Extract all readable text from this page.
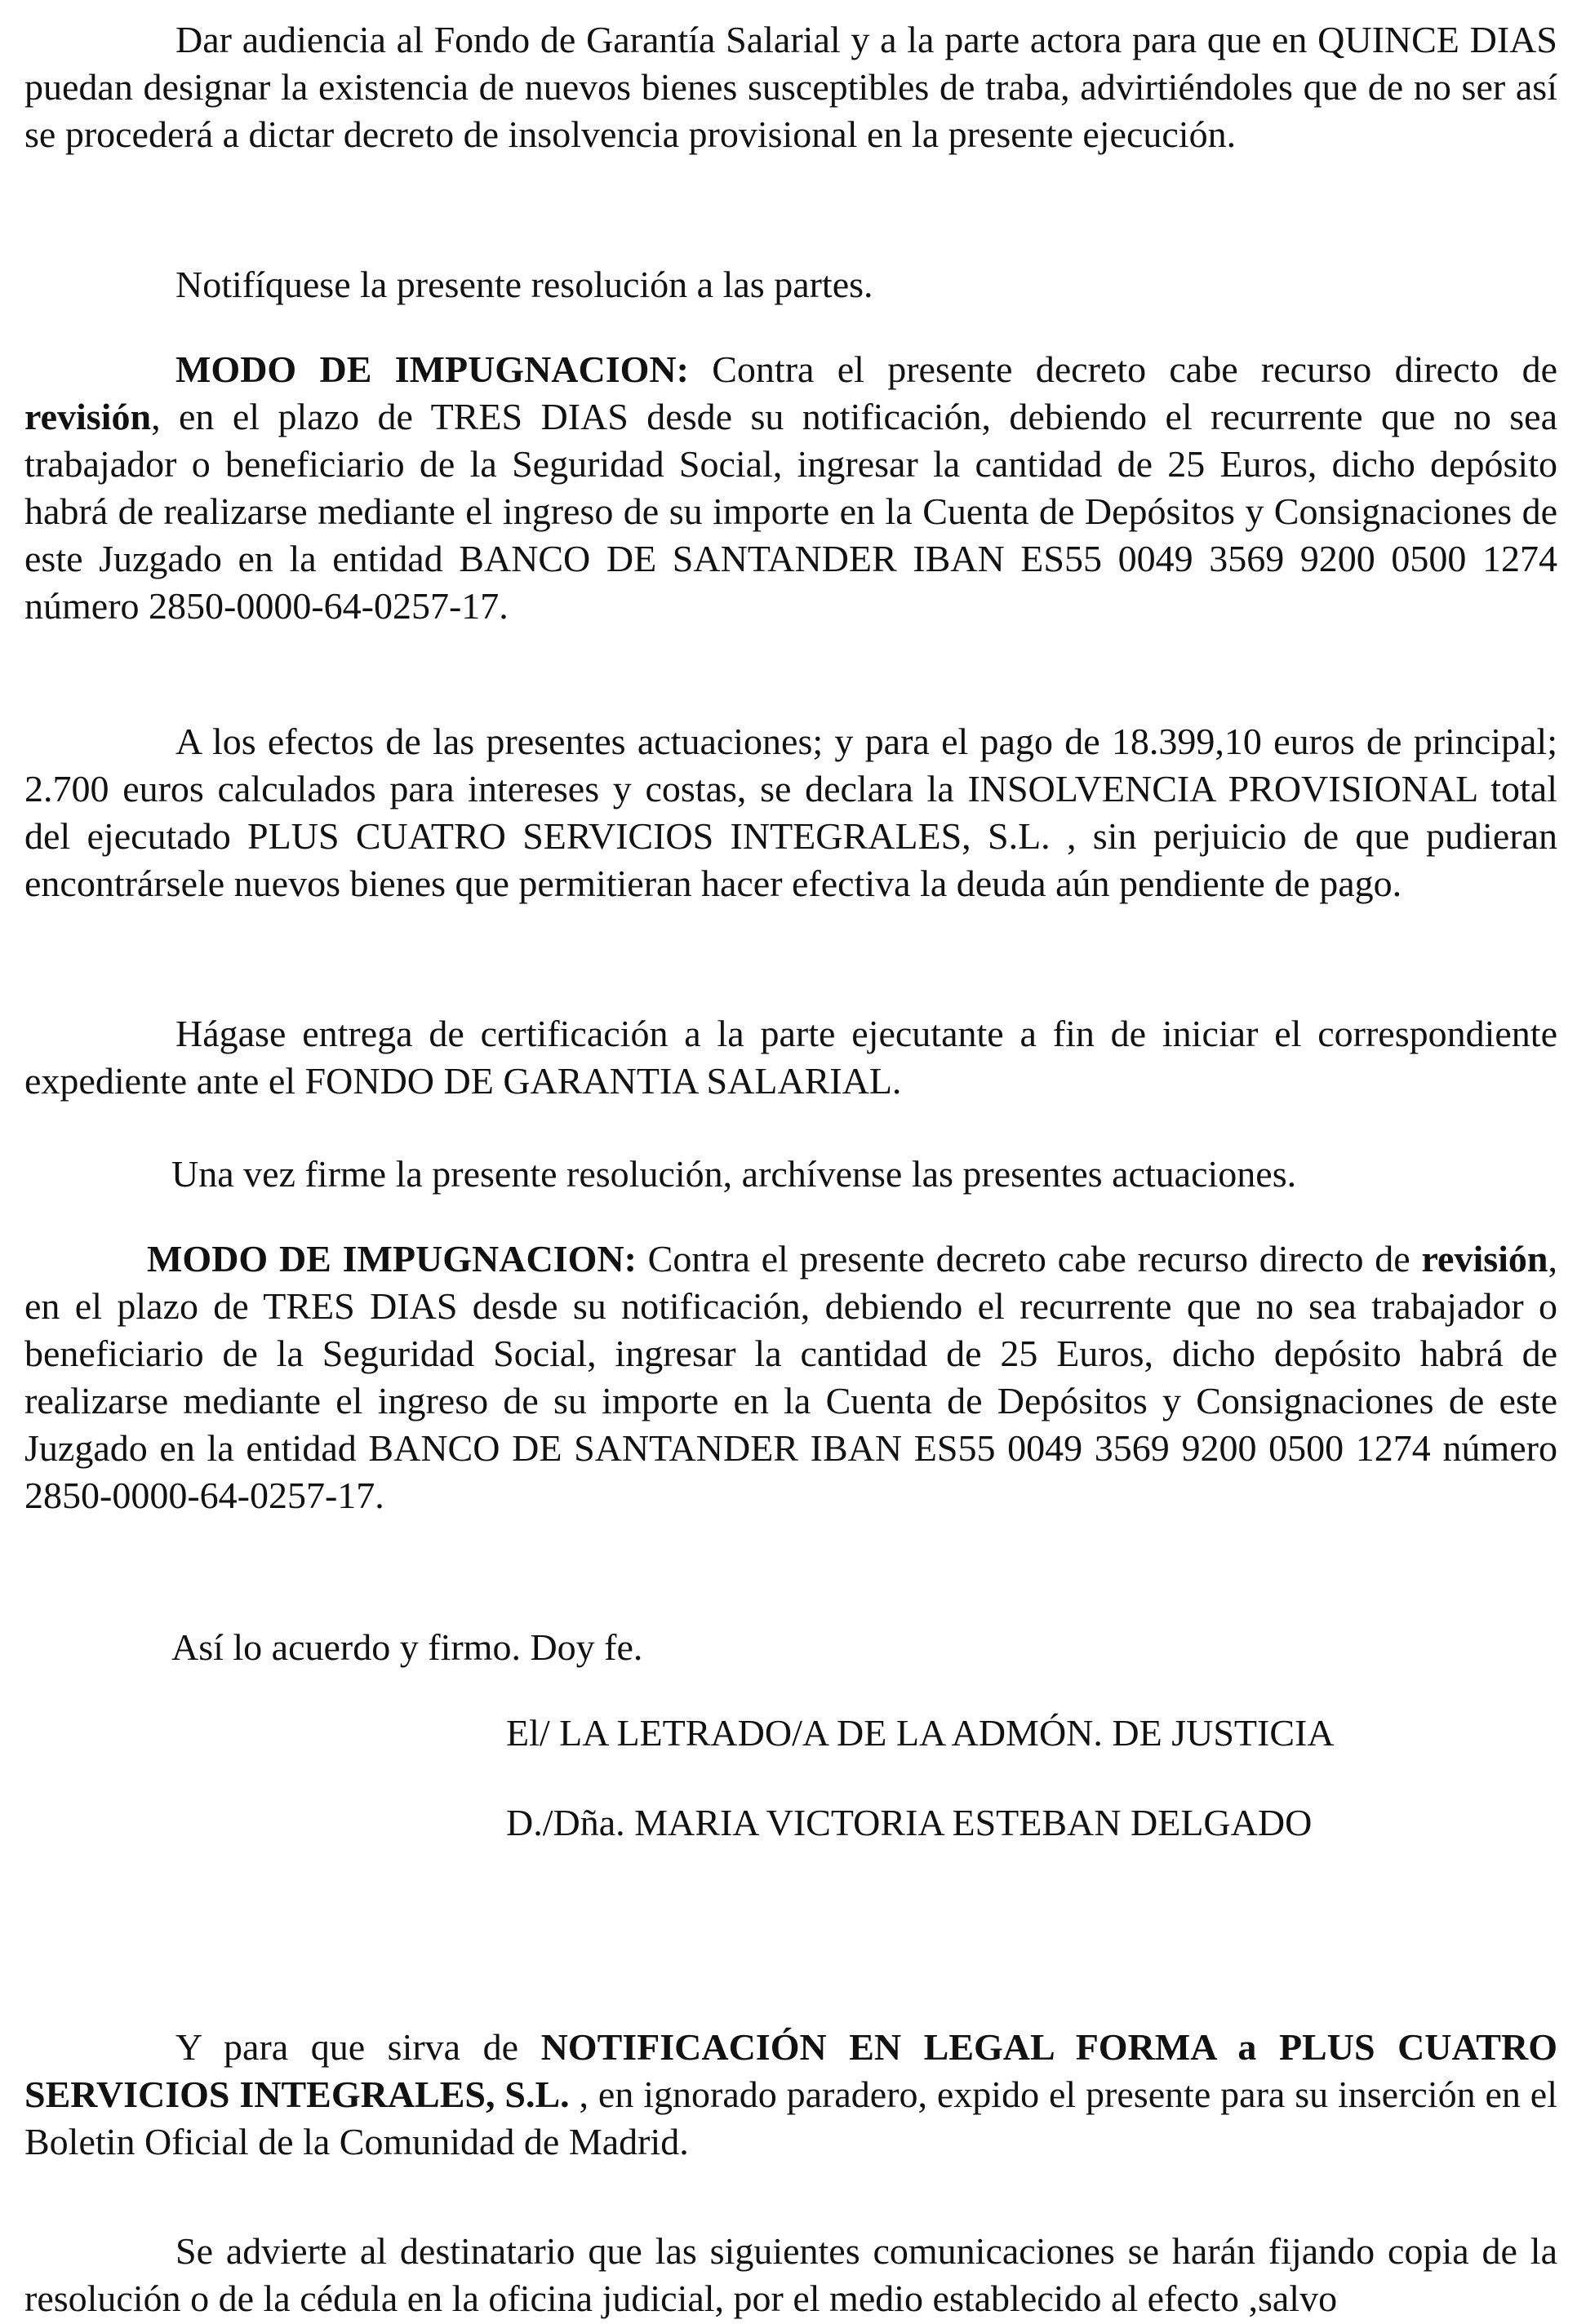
Dar audiencia al Fondo de Garantía Salarial y a la parte actora para que en QUINCE DIAS puedan designar la existencia de nuevos bienes susceptibles de traba, advirtiéndoles que de no ser así se procederá a dictar decreto de insolvencia provisional en la presente ejecución.

Notifíquese la presente resolución a las partes.

MODO DE IMPUGNACION: Contra el presente decreto cabe recurso directo de revisión, en el plazo de TRES DIAS desde su notificación, debiendo el recurrente que no sea trabajador o beneficiario de la Seguridad Social, ingresar la cantidad de 25 Euros, dicho depósito habrá de realizarse mediante el ingreso de su importe en la Cuenta de Depósitos y Consignaciones de este Juzgado en la entidad BANCO DE SANTANDER IBAN ES55 0049 3569 9200 0500 1274 número 2850-0000-64-0257-17.

A los efectos de las presentes actuaciones; y para el pago de 18.399,10 euros de principal; 2.700 euros calculados para intereses y costas, se declara la INSOLVENCIA PROVISIONAL total del ejecutado PLUS CUATRO SERVICIOS INTEGRALES, S.L. , sin perjuicio de que pudieran encontrársele nuevos bienes que permitieran hacer efectiva la deuda aún pendiente de pago.

Hágase entrega de certificación a la parte ejecutante a fin de iniciar el correspondiente expediente ante el FONDO DE GARANTIA SALARIAL.

Una vez firme la presente resolución, archívense las presentes actuaciones.

MODO DE IMPUGNACION: Contra el presente decreto cabe recurso directo de revisión, en el plazo de TRES DIAS desde su notificación, debiendo el recurrente que no sea trabajador o beneficiario de la Seguridad Social, ingresar la cantidad de 25 Euros, dicho depósito habrá de realizarse mediante el ingreso de su importe en la Cuenta de Depósitos y Consignaciones de este Juzgado en la entidad BANCO DE SANTANDER IBAN ES55 0049 3569 9200 0500 1274 número 2850-0000-64-0257-17.

Así lo acuerdo y firmo. Doy fe.

El/ LA LETRADO/A DE LA ADMÓN. DE JUSTICIA

D./Dña. MARIA VICTORIA ESTEBAN DELGADO

Y para que sirva de NOTIFICACIÓN EN LEGAL FORMA a PLUS CUATRO SERVICIOS INTEGRALES, S.L. , en ignorado paradero, expido el presente para su inserción en el Boletin Oficial de la Comunidad de Madrid.

Se advierte al destinatario que las siguientes comunicaciones se harán fijando copia de la resolución o de la cédula en la oficina judicial, por el medio establecido al efecto ,salvo
